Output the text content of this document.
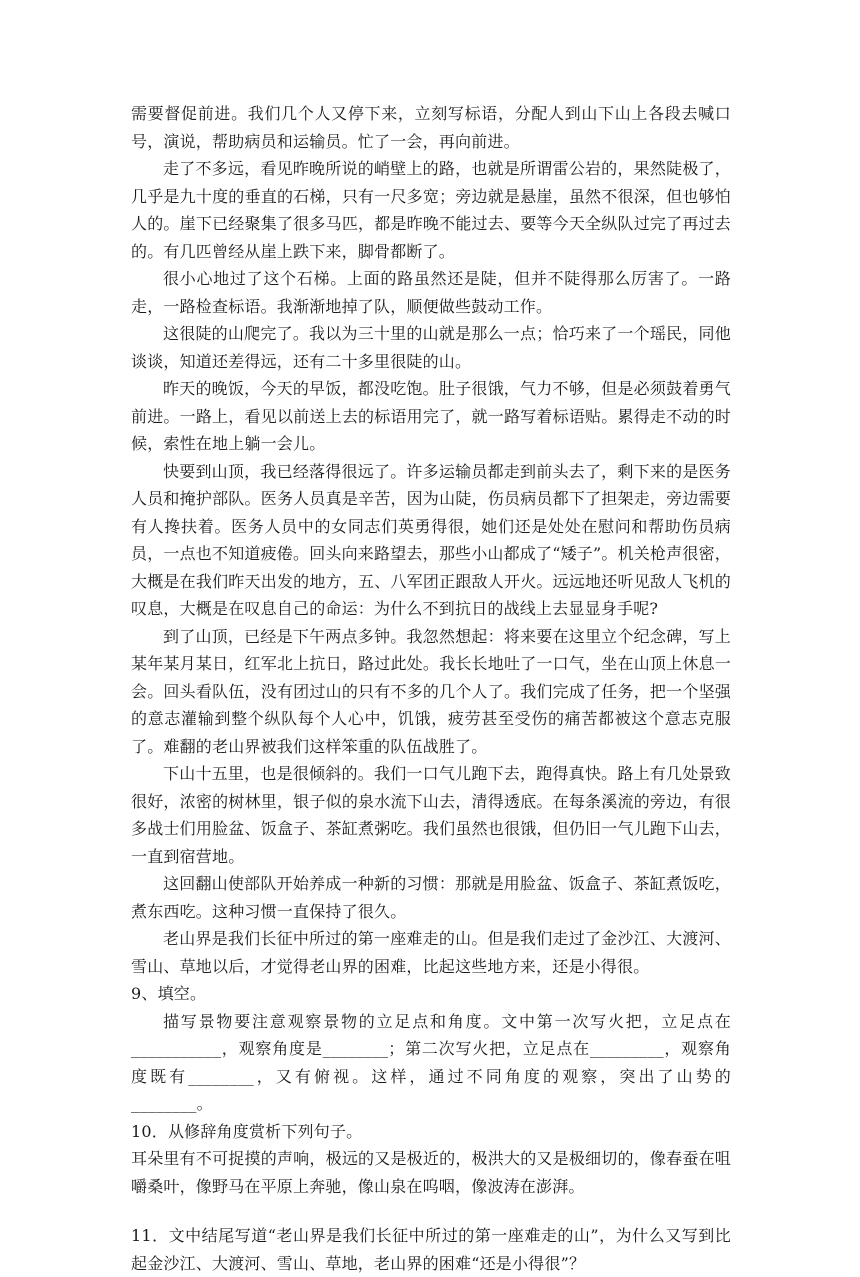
需要督促前进。我们几个人又停下来，立刻写标语，分配人到山下山上各段去喊口号，演说，帮助病员和运输员。忙了一会，再向前进。

走了不多远，看见昨晚所说的峭壁上的路，也就是所谓雷公岩的，果然陡极了，几乎是九十度的垂直的石梯，只有一尺多宽；旁边就是悬崖，虽然不很深，但也够怕人的。崖下已经聚集了很多马匹，都是昨晚不能过去、要等今天全纵队过完了再过去的。有几匹曾经从崖上跌下来，脚骨都断了。

很小心地过了这个石梯。上面的路虽然还是陡，但并不陡得那么厉害了。一路走，一路检查标语。我渐渐地掉了队，顺便做些鼓动工作。

这很陡的山爬完了。我以为三十里的山就是那么一点；恰巧来了一个瑶民，同他谈谈，知道还差得远，还有二十多里很陡的山。

昨天的晚饭，今天的早饭，都没吃饱。肚子很饿，气力不够，但是必须鼓着勇气前进。一路上，看见以前送上去的标语用完了，就一路写着标语贴。累得走不动的时候，索性在地上躺一会儿。

快要到山顶，我已经落得很远了。许多运输员都走到前头去了，剩下来的是医务人员和掩护部队。医务人员真是辛苦，因为山陡，伤员病员都下了担架走，旁边需要有人搀扶着。医务人员中的女同志们英勇得很，她们还是处处在慰问和帮助伤员病员，一点也不知道疲倦。回头向来路望去，那些小山都成了“矮子”。机关枪声很密，大概是在我们昨天出发的地方，五、八军团正跟敌人开火。远远地还听见敌人飞机的叹息，大概是在叹息自己的命运：为什么不到抗日的战线上去显显身手呢?

到了山顶，已经是下午两点多钟。我忽然想起：将来要在这里立个纪念碑，写上某年某月某日，红军北上抗日，路过此处。我长长地吐了一口气，坐在山顶上休息一会。回头看队伍，没有团过山的只有不多的几个人了。我们完成了任务，把一个坚强的意志灌输到整个纵队每个人心中，饥饿，疲劳甚至受伤的痛苦都被这个意志克服了。难翻的老山界被我们这样笨重的队伍战胜了。

下山十五里，也是很倾斜的。我们一口气儿跑下去，跑得真快。路上有几处景致很好，浓密的树林里，银子似的泉水流下山去，清得透底。在每条溪流的旁边，有很多战士们用脸盆、饭盒子、茶缸煮粥吃。我们虽然也很饿，但仍旧一气儿跑下山去，一直到宿营地。

这回翻山使部队开始养成一种新的习惯：那就是用脸盆、饭盒子、茶缸煮饭吃，煮东西吃。这种习惯一直保持了很久。

老山界是我们长征中所过的第一座难走的山。但是我们走过了金沙江、大渡河、雪山、草地以后，才觉得老山界的困难，比起这些地方来，还是小得很。

9、填空。

描写景物要注意观察景物的立足点和角度。文中第一次写火把，立足点在___________，观察角度是________；第二次写火把，立足点在_________，观察角度既有________，又有俯视。这样，通过不同角度的观察，突出了山势的________。

10．从修辞角度赏析下列句子。

耳朵里有不可捉摸的声响，极远的又是极近的，极洪大的又是极细切的，像春蚕在咀嚼桑叶，像野马在平原上奔驰，像山泉在呜咽，像波涛在澎湃。

11．文中结尾写道“老山界是我们长征中所过的第一座难走的山”，为什么又写到比起金沙江、大渡河、雪山、草地，老山界的困难“还是小得很”？
